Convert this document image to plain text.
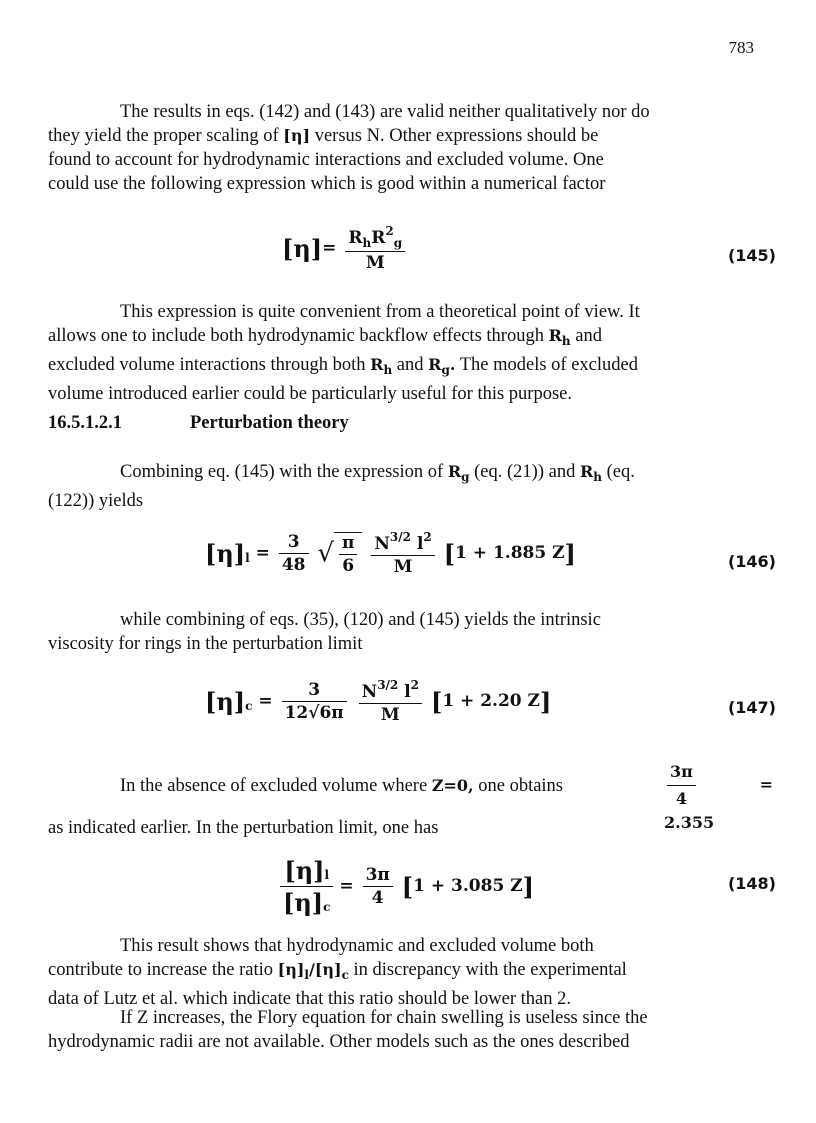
783
The results in eqs. (142) and (143) are valid neither qualitatively nor do
they yield the proper scaling of [η] versus N. Other expressions should be
found to account for hydrodynamic interactions and excluded volume. One
could use the following expression which is good within a numerical factor
$[\eta]= \frac{R_hR^2_g}{M}$	(145)
This expression is quite convenient from a theoretical point of view. It
allows one to include both hydrodynamic backflow effects through $R_h$ and
excluded volume interactions through both $R_h$ and $R_g$. The models of excluded
volume introduced earlier could be particularly useful for this purpose.
16.5.1.2.1	Perturbation theory
Combining eq. (145) with the expression of $R_g$ (eq. (21)) and $R_h$ (eq.
(122)) yields
$[\eta]_l = \frac{3}{48}$ √ $\frac{\pi}{6}$
$\frac{N^{3/2} l^2}{M} [1 + 1.885$ Z]	(146)
while combining of eqs. (35), (120) and (145) yields the intrinsic
viscosity for rings in the perturbation limit
$[\eta]_c = \frac{3}{12√6\pi}$
$\frac{N^{3/2} l^2}{M} [1 + 2.20$ Z]	(147)
In the absence of excluded volume where Z=0, one obtains	$\frac{3\pi}{4}$	= 2.355
as indicated earlier. In the perturbation limit, one has
$\frac{[\eta]_l}{[\eta]_c} = \frac{3\pi}{4} [1 + 3.085$ Z]	(148)
This result shows that hydrodynamic and excluded volume both
contribute to increase the ratio $[\eta]_l/[\eta]_c$ in discrepancy with the experimental
data of Lutz et al. which indicate that this ratio should be lower than 2.
If Z increases, the Flory equation for chain swelling is useless since the
hydrodynamic radii are not available. Other models such as the ones described
